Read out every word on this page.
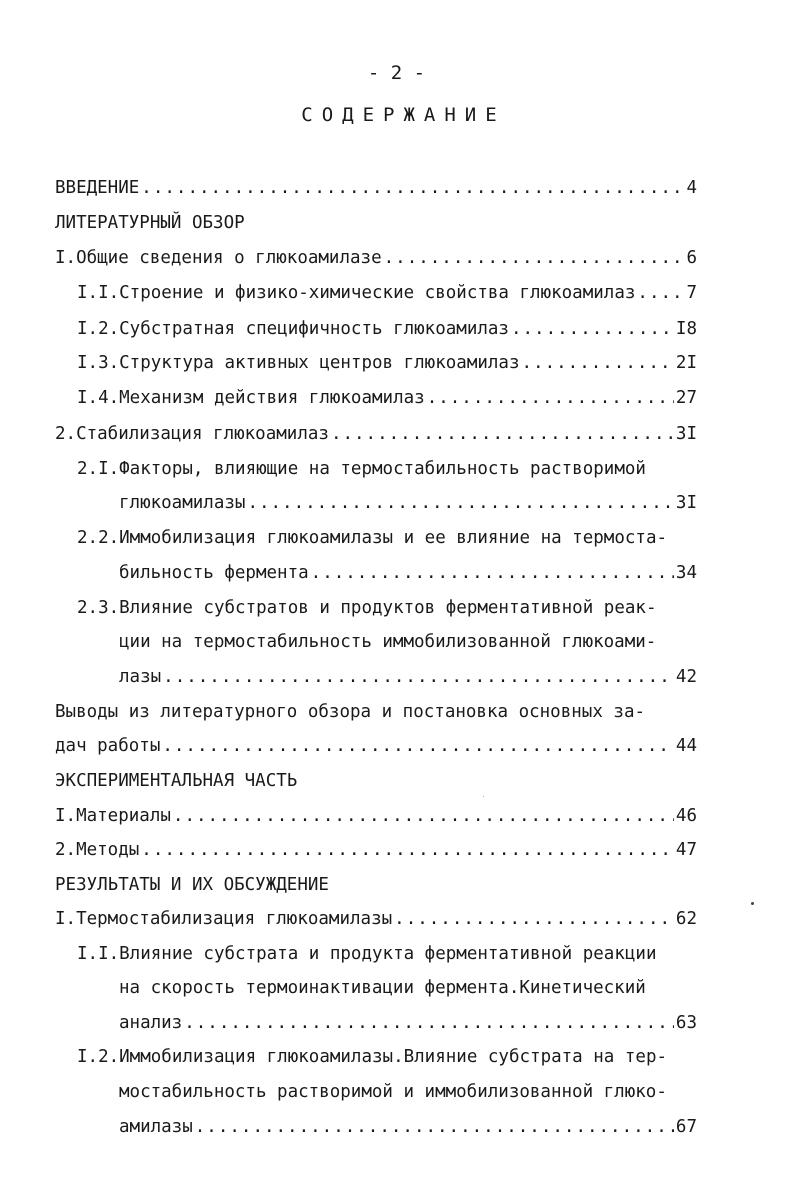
- 2 -
СОДЕРЖАНИЕ
ВВЕДЕНИЕ .....	4
ЛИТЕРАТУРНЫЙ ОБЗОР
I.Общие сведения о глюкоамилазе .....	6
I.I.Строение и физико-химические свойства глюкоамилаз .....	7
I.2.Субстратная специфичность глюкоамилаз .....	I8
I.3.Структура активных центров глюкоамилаз .....	2I
I.4.Механизм действия глюкоамилаз .....	27
2.Стабилизация глюкоамилаз .....	3I
2.I.Факторы, влияющие на термостабильность растворимой
глюкоамилазы .....	3I
2.2.Иммобилизация глюкоамилазы и ее влияние на термоста-
бильность фермента .....	34
2.3.Влияние субстратов и продуктов ферментативной реак-
ции на термостабильность иммобилизованной глюкоами-
лазы .....	42
Выводы из литературного обзора и постановка основных за-
дач работы .....	44
ЭКСПЕРИМЕНТАЛЬНАЯ ЧАСТЬ
I.Материалы .....	46
2.Методы .....	47
РЕЗУЛЬТАТЫ И ИХ ОБСУЖДЕНИЕ
I.Термостабилизация глюкоамилазы .....	62
I.I.Влияние субстрата и продукта ферментативной реакции
на скорость термоинактивации фермента.Кинетический
анализ .....	63
I.2.Иммобилизация глюкоамилазы.Влияние субстрата на тер-
мостабильность растворимой и иммобилизованной глюко-
амилазы .....	67
